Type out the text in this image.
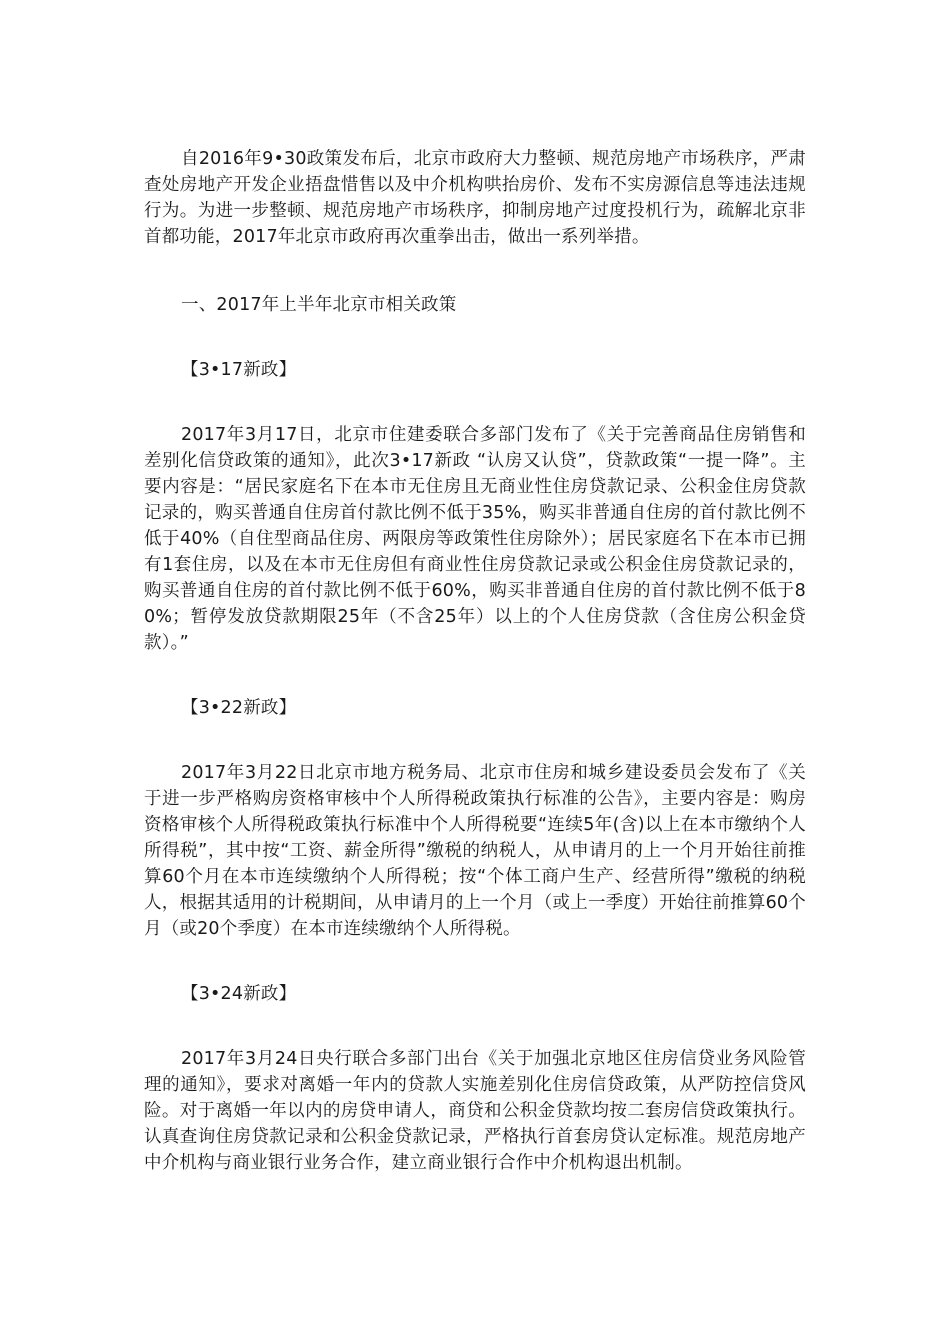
自2016年9•30政策发布后，北京市政府大力整顿、规范房地产市场秩序，严肃查处房地产开发企业捂盘惜售以及中介机构哄抬房价、发布不实房源信息等违法违规行为。为进一步整顿、规范房地产市场秩序，抑制房地产过度投机行为，疏解北京非首都功能，2017年北京市政府再次重拳出击，做出一系列举措。

一、2017年上半年北京市相关政策

【3•17新政】

2017年3月17日，北京市住建委联合多部门发布了《关于完善商品住房销售和差别化信贷政策的通知》，此次3•17新政 “认房又认贷”，贷款政策“一提一降”。主要内容是：“居民家庭名下在本市无住房且无商业性住房贷款记录、公积金住房贷款记录的，购买普通自住房首付款比例不低于35%，购买非普通自住房的首付款比例不低于40%（自住型商品住房、两限房等政策性住房除外）；居民家庭名下在本市已拥有1套住房，以及在本市无住房但有商业性住房贷款记录或公积金住房贷款记录的，购买普通自住房的首付款比例不低于60%，购买非普通自住房的首付款比例不低于80%；暂停发放贷款期限25年（不含25年）以上的个人住房贷款（含住房公积金贷款）。”

【3•22新政】

2017年3月22日北京市地方税务局、北京市住房和城乡建设委员会发布了《关于进一步严格购房资格审核中个人所得税政策执行标准的公告》，主要内容是：购房资格审核个人所得税政策执行标准中个人所得税要“连续5年(含)以上在本市缴纳个人所得税”，其中按“工资、薪金所得”缴税的纳税人，从申请月的上一个月开始往前推算60个月在本市连续缴纳个人所得税；按“个体工商户生产、经营所得”缴税的纳税人，根据其适用的计税期间，从申请月的上一个月（或上一季度）开始往前推算60个月（或20个季度）在本市连续缴纳个人所得税。

【3•24新政】

2017年3月24日央行联合多部门出台《关于加强北京地区住房信贷业务风险管理的通知》，要求对离婚一年内的贷款人实施差别化住房信贷政策，从严防控信贷风险。对于离婚一年以内的房贷申请人，商贷和公积金贷款均按二套房信贷政策执行。认真查询住房贷款记录和公积金贷款记录，严格执行首套房贷认定标准。规范房地产中介机构与商业银行业务合作，建立商业银行合作中介机构退出机制。
